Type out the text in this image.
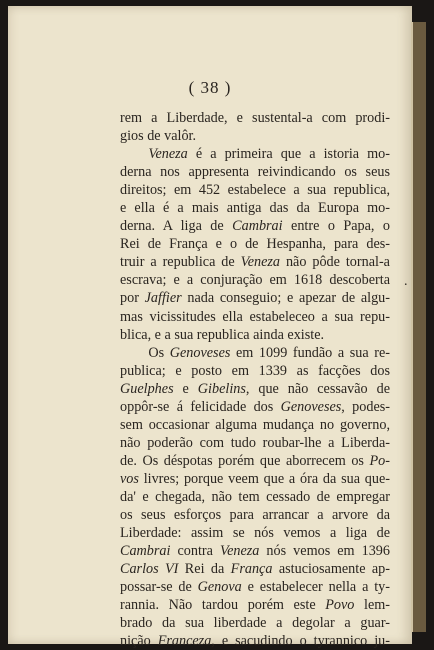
( 38 )
rem a Liberdade, e sustental-a com prodi-
gios de valôr.
  Veneza é a primeira que a istoria mo-
derna nos appresenta reivindicando os seus
direitos; em 452 estabelece a sua republica,
e ella é a mais antiga das da Europa mo-
derna. A liga de Cambrai entre o Papa, o
Rei de França e o de Hespanha, para des-
truir a republica de Veneza não pôde tornal-a
escrava; e a conjuração em 1618 descoberta
por Jaffier nada conseguio; e apezar de algu-
mas vicissitudes ella estabeleceo a sua repu-
blica, e a sua republica ainda existe.
  Os Genoveses em 1099 fundão a sua re-
publica; e posto em 1339 as facções dos
Guelphes e Gibelins, que não cessavão de
oppôr-se á felicidade dos Genoveses, podes-
sem occasionar alguma mudança no governo,
não poderão com tudo roubar-lhe a Liberda-
de. Os déspotas porém que aborrecem os Po-
vos livres; porque veem que a óra da sua que-
da' e chegada, não tem cessado de empregar
os seus esforços para arrancar a arvore da
Liberdade: assim se nós vemos a liga de
Cambrai contra Veneza nós vemos em 1396
Carlos VI Rei da França astuciosamente ap-
possar-se de Genova e estabelecer nella a ty-
rannia. Não tardou porém este Povo lem-
brado da sua liberdade a degolar a guar-
nição Franceza, e sacudindo o tyrannico ju-
.
